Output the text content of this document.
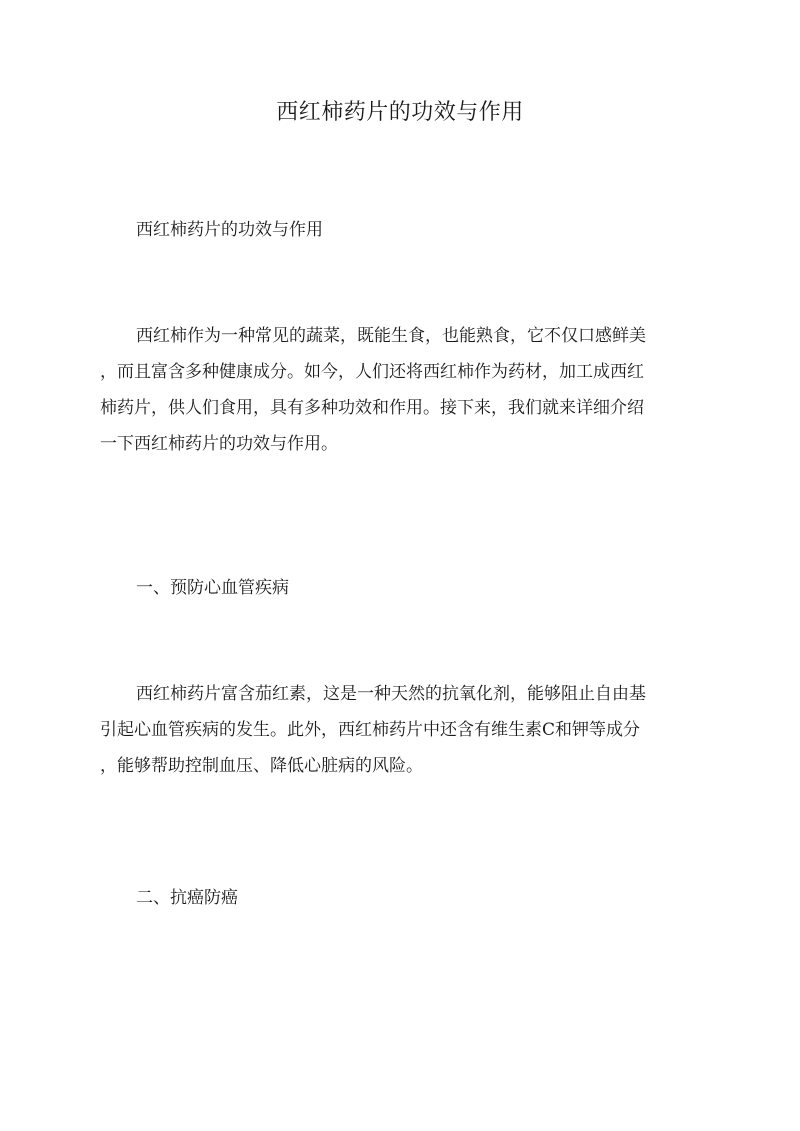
西红柿药片的功效与作用
西红柿药片的功效与作用
西红柿作为一种常见的蔬菜，既能生食，也能熟食，它不仅口感鲜美
，而且富含多种健康成分。如今，人们还将西红柿作为药材，加工成西红
柿药片，供人们食用，具有多种功效和作用。接下来，我们就来详细介绍
一下西红柿药片的功效与作用。
一、预防心血管疾病
西红柿药片富含茄红素，这是一种天然的抗氧化剂，能够阻止自由基
引起心血管疾病的发生。此外，西红柿药片中还含有维生素C和钾等成分
，能够帮助控制血压、降低心脏病的风险。
二、抗癌防癌
